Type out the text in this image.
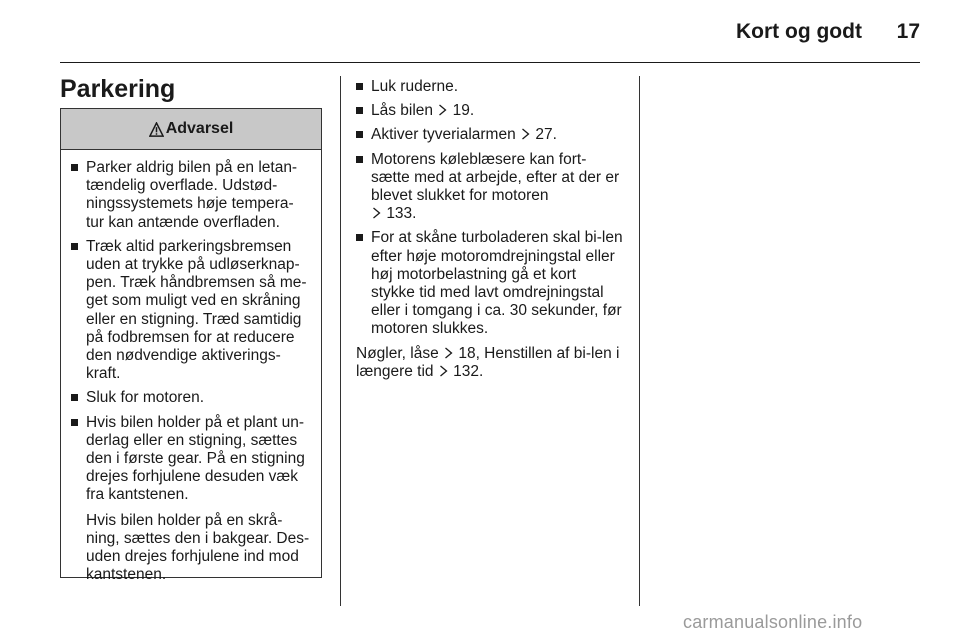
Kort og godt	17
Parkering
Advarsel
Parker aldrig bilen på en letan-tændelig overflade. Udstød-ningssystemets høje tempera-tur kan antænde overfladen.
Træk altid parkeringsbremsen uden at trykke på udløserknap-pen. Træk håndbremsen så me-get som muligt ved en skråning eller en stigning. Træd samtidig på fodbremsen for at reducere den nødvendige aktiverings-kraft.
Sluk for motoren.
Hvis bilen holder på et plant un-derlag eller en stigning, sættes den i første gear. På en stigning drejes forhjulene desuden væk fra kantstenen.
Hvis bilen holder på en skrå-ning, sættes den i bakgear. Des-uden drejes forhjulene ind mod kantstenen.
Luk ruderne.
Lås bilen 19.
Aktiver tyverialarmen 27.
Motorens køleblæsere kan fort-sætte med at arbejde, efter at der er blevet slukket for motoren
133.
For at skåne turboladeren skal bi-len efter høje motoromdrejningstal eller høj motorbelastning gå et kort stykke tid med lavt omdrejningstal eller i tomgang i ca. 30 sekunder, før motoren slukkes.
Nøgler, låse 18, Henstillen af bi-len i længere tid 132.
carmanualsonline.info
